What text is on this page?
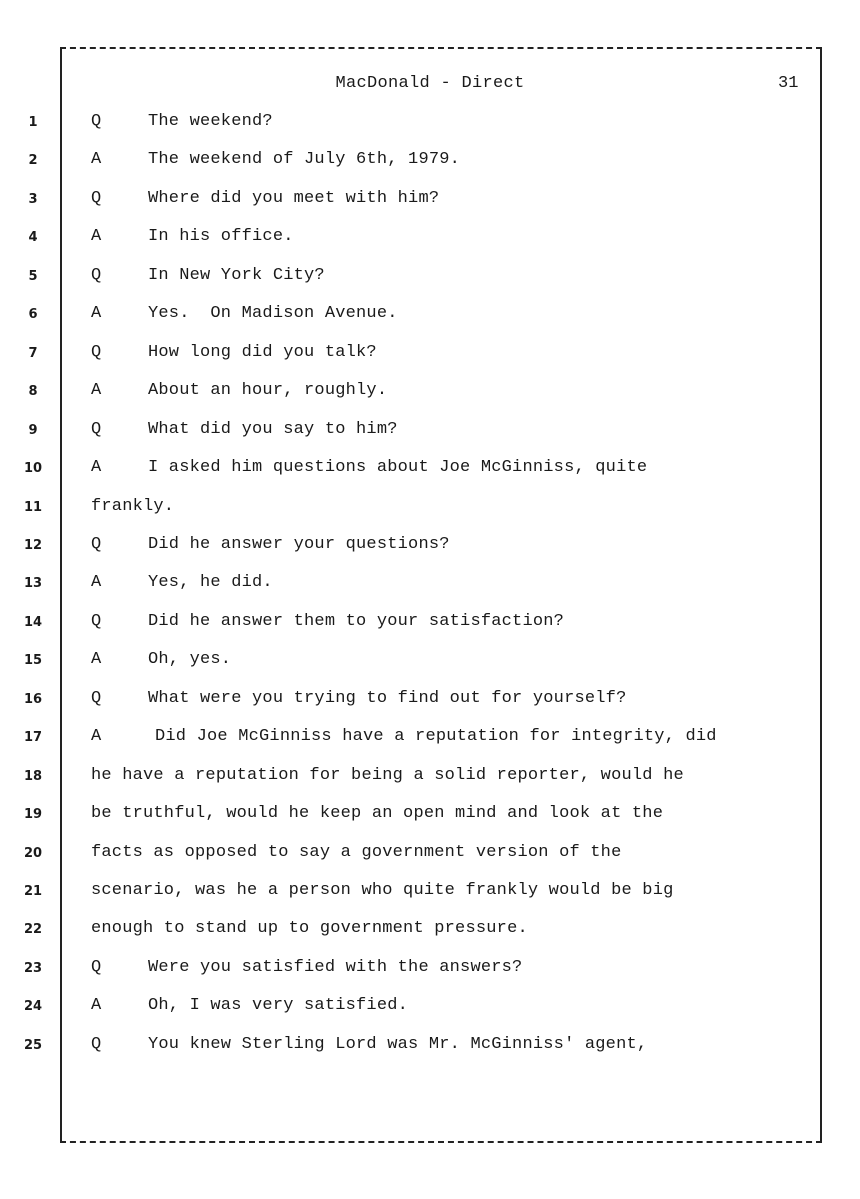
MacDonald - Direct	31
1	Q	The weekend?
2	A	The weekend of July 6th, 1979.
3	Q	Where did you meet with him?
4	A	In his office.
5	Q	In New York City?
6	A	Yes.  On Madison Avenue.
7	Q	How long did you talk?
8	A	About an hour, roughly.
9	Q	What did you say to him?
10	A	I asked him questions about Joe McGinniss, quite
11	frankly.
12	Q	Did he answer your questions?
13	A	Yes, he did.
14	Q	Did he answer them to your satisfaction?
15	A	Oh, yes.
16	Q	What were you trying to find out for yourself?
17	A	Did Joe McGinniss have a reputation for integrity, did
18	he have a reputation for being a solid reporter, would he
19	be truthful, would he keep an open mind and look at the
20	facts as opposed to say a government version of the
21	scenario, was he a person who quite frankly would be big
22	enough to stand up to government pressure.
23	Q	Were you satisfied with the answers?
24	A	Oh, I was very satisfied.
25	Q	You knew Sterling Lord was Mr. McGinniss' agent,
